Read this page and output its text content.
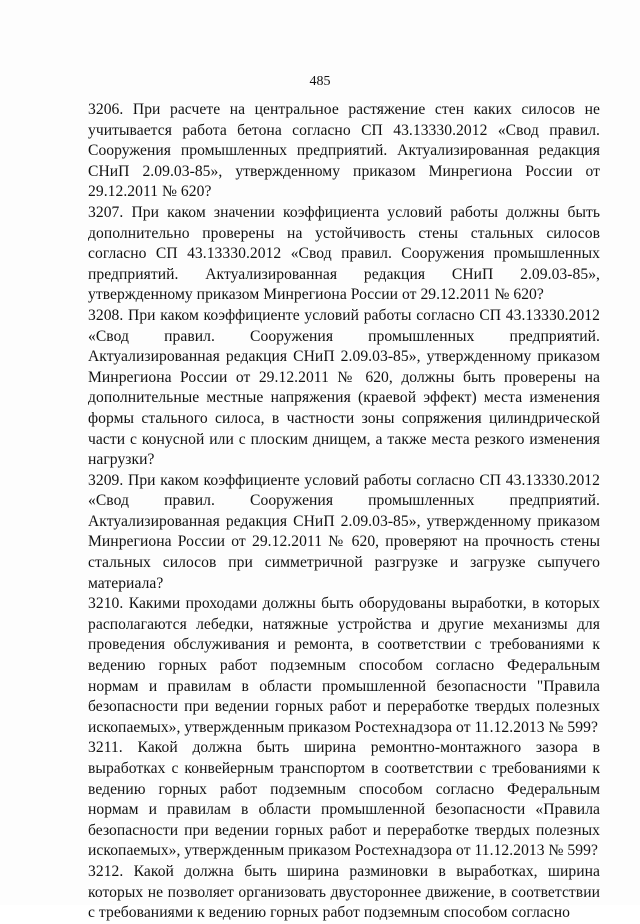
485

3206. При расчете на центральное растяжение стен каких силосов не учитывается работа бетона согласно СП 43.13330.2012 «Свод правил. Сооружения промышленных предприятий. Актуализированная редакция СНиП 2.09.03-85», утвержденному приказом Минрегиона России от 29.12.2011 № 620?

3207. При каком значении коэффициента условий работы должны быть дополнительно проверены на устойчивость стены стальных силосов согласно СП 43.13330.2012 «Свод правил. Сооружения промышленных предприятий. Актуализированная редакция СНиП 2.09.03-85», утвержденному приказом Минрегиона России от 29.12.2011 № 620?

3208. При каком коэффициенте условий работы согласно СП 43.13330.2012 «Свод правил. Сооружения промышленных предприятий. Актуализированная редакция СНиП 2.09.03-85», утвержденному приказом Минрегиона России от 29.12.2011 № 620, должны быть проверены на дополнительные местные напряжения (краевой эффект) места изменения формы стального силоса, в частности зоны сопряжения цилиндрической части с конусной или с плоским днищем, а также места резкого изменения нагрузки?

3209. При каком коэффициенте условий работы согласно СП 43.13330.2012 «Свод правил. Сооружения промышленных предприятий. Актуализированная редакция СНиП 2.09.03-85», утвержденному приказом Минрегиона России от 29.12.2011 № 620, проверяют на прочность стены стальных силосов при симметричной разгрузке и загрузке сыпучего материала?

3210. Какими проходами должны быть оборудованы выработки, в которых располагаются лебедки, натяжные устройства и другие механизмы для проведения обслуживания и ремонта, в соответствии с требованиями к ведению горных работ подземным способом согласно Федеральным нормам и правилам в области промышленной безопасности "Правила безопасности при ведении горных работ и переработке твердых полезных ископаемых», утвержденным приказом Ростехнадзора от 11.12.2013 № 599?

3211. Какой должна быть ширина ремонтно-монтажного зазора в выработках с конвейерным транспортом в соответствии с требованиями к ведению горных работ подземным способом согласно Федеральным нормам и правилам в области промышленной безопасности «Правила безопасности при ведении горных работ и переработке твердых полезных ископаемых», утвержденным приказом Ростехнадзора от 11.12.2013 № 599?

3212. Какой должна быть ширина разминовки в выработках, ширина которых не позволяет организовать двустороннее движение, в соответствии с требованиями к ведению горных работ подземным способом согласно
